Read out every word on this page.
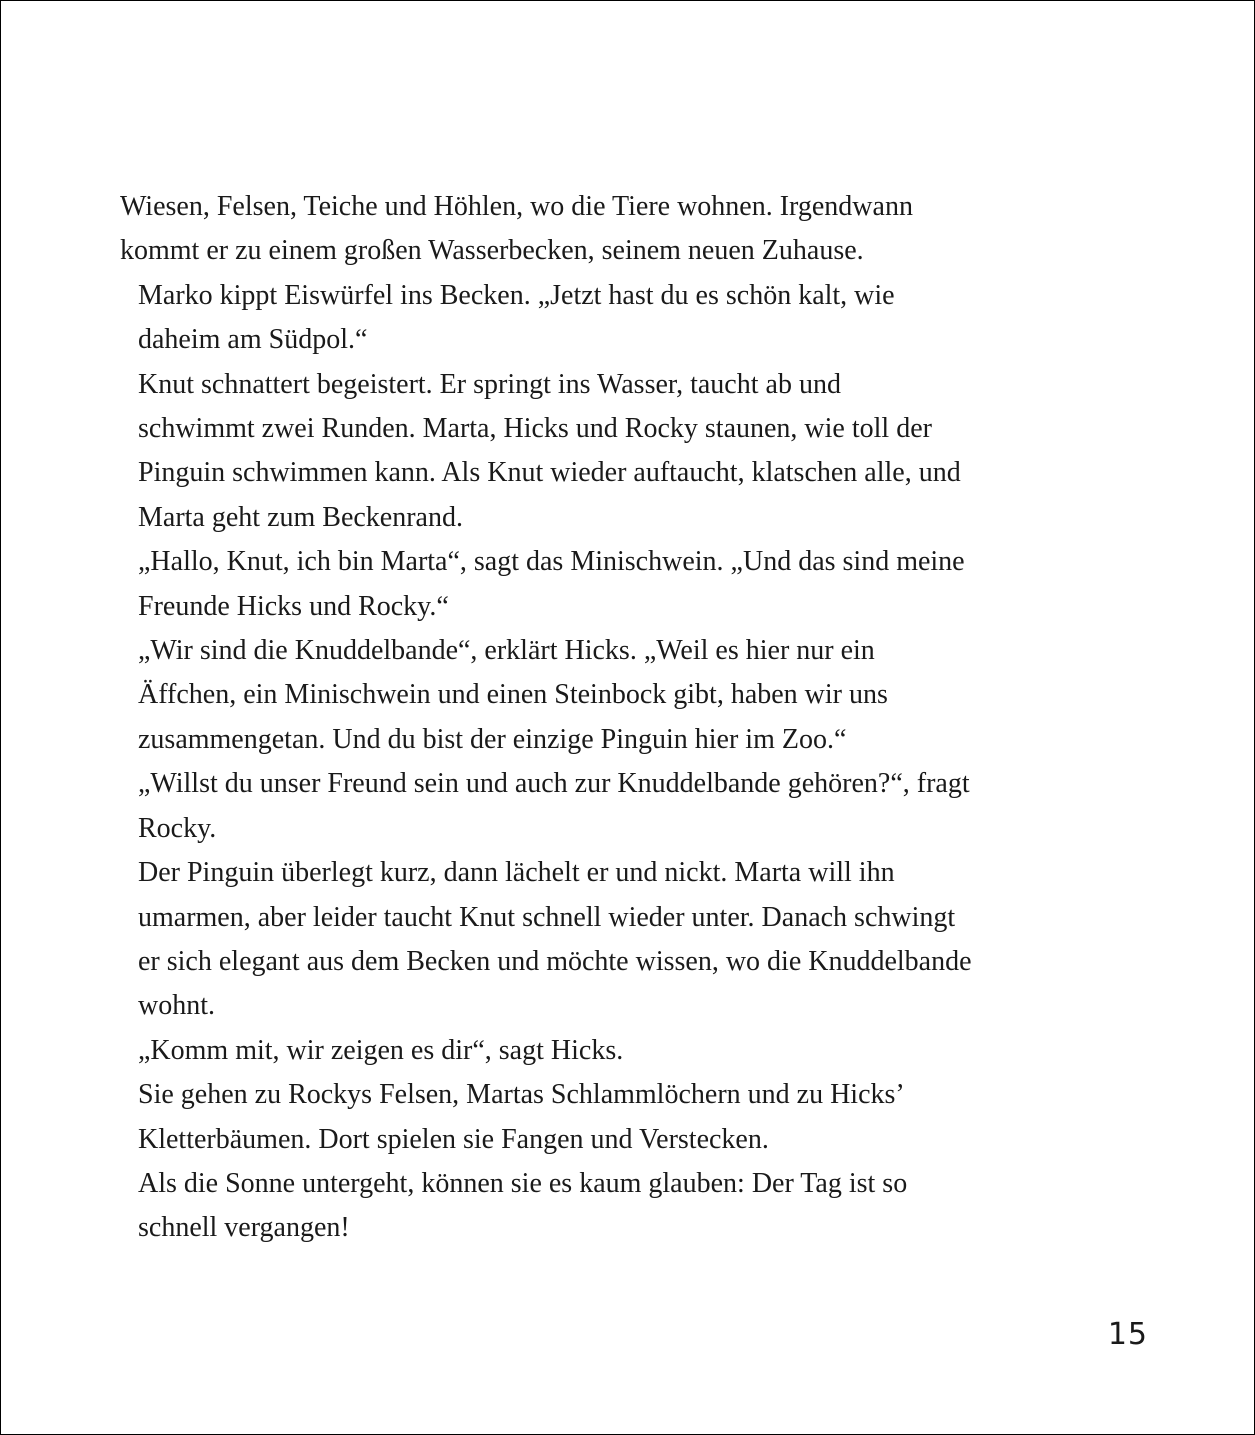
Wiesen, Felsen, Teiche und Höhlen, wo die Tiere wohnen. Irgendwann
kommt er zu einem großen Wasserbecken, seinem neuen Zuhause.

Marko kippt Eiswürfel ins Becken. „Jetzt hast du es schön kalt, wie
daheim am Südpol.“

Knut schnattert begeistert. Er springt ins Wasser, taucht ab und
schwimmt zwei Runden. Marta, Hicks und Rocky staunen, wie toll der
Pinguin schwimmen kann. Als Knut wieder auftaucht, klatschen alle, und
Marta geht zum Beckenrand.

„Hallo, Knut, ich bin Marta“, sagt das Minischwein. „Und das sind meine
Freunde Hicks und Rocky.“

„Wir sind die Knuddelbande“, erklärt Hicks. „Weil es hier nur ein
Äffchen, ein Minischwein und einen Steinbock gibt, haben wir uns
zusammengetan. Und du bist der einzige Pinguin hier im Zoo.“

„Willst du unser Freund sein und auch zur Knuddelbande gehören?“, fragt
Rocky.

Der Pinguin überlegt kurz, dann lächelt er und nickt. Marta will ihn
umarmen, aber leider taucht Knut schnell wieder unter. Danach schwingt
er sich elegant aus dem Becken und möchte wissen, wo die Knuddelbande
wohnt.

„Komm mit, wir zeigen es dir“, sagt Hicks.

Sie gehen zu Rockys Felsen, Martas Schlammlöchern und zu Hicks’
Kletterbäumen. Dort spielen sie Fangen und Verstecken.

Als die Sonne untergeht, können sie es kaum glauben: Der Tag ist so
schnell vergangen!

15
